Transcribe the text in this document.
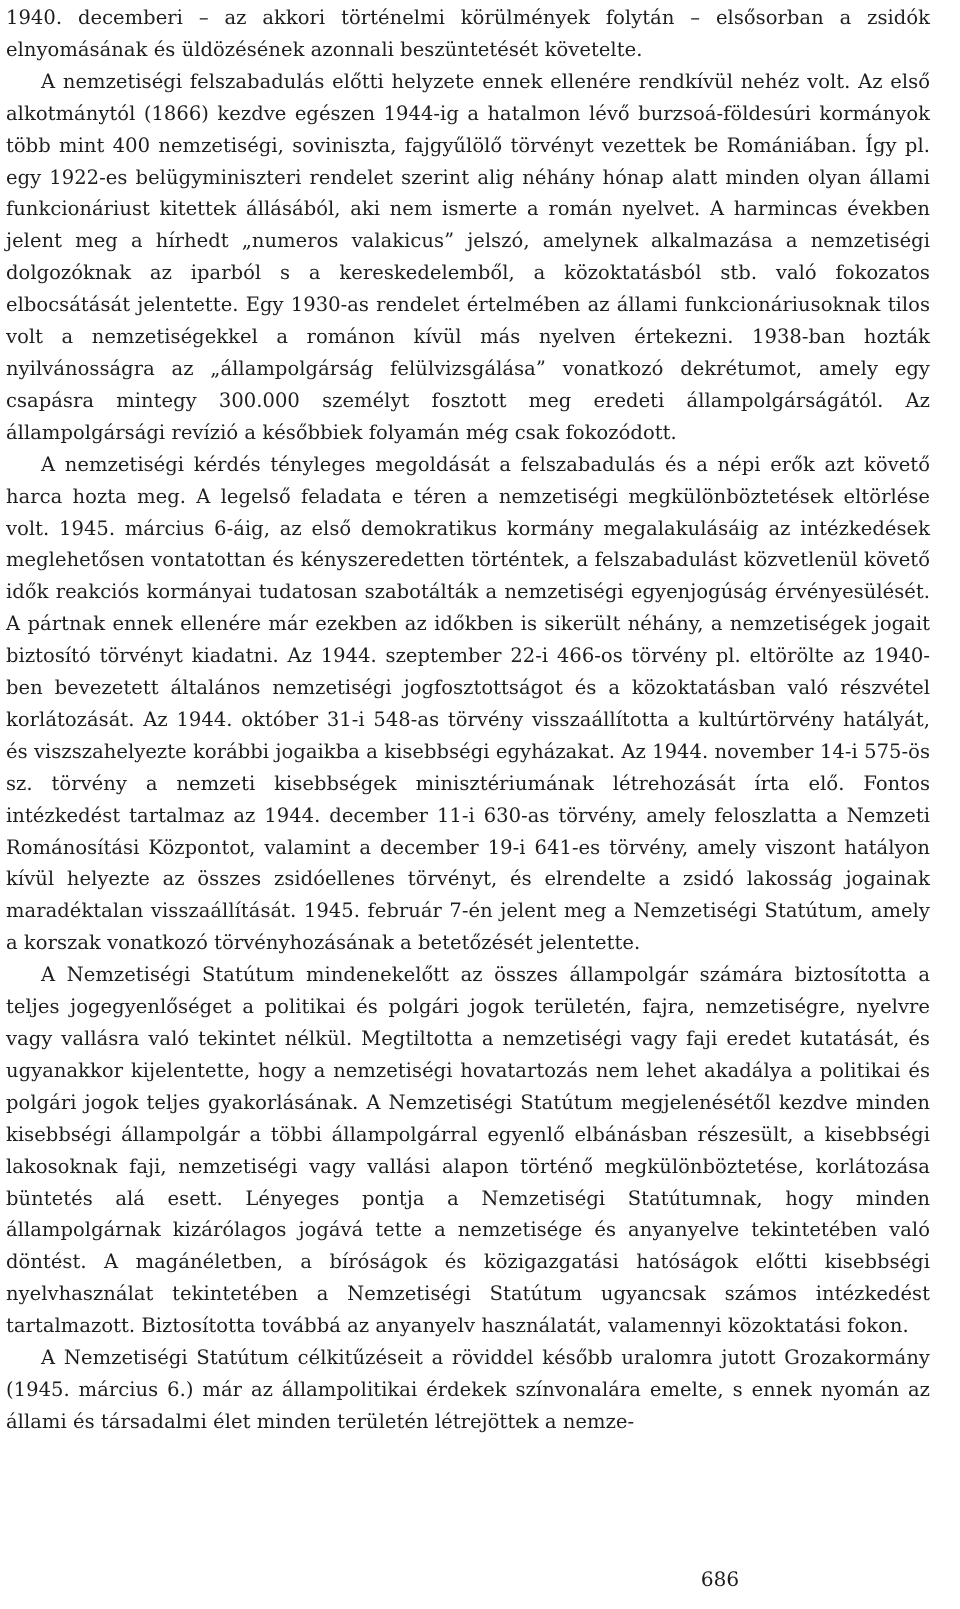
1940. decemberi – az akkori történelmi körülmények folytán – elsősorban a zsidók elnyomásának és üldözésének azonnali beszüntetését követelte.

A nemzetiségi felszabadulás előtti helyzete ennek ellenére rendkívül nehéz volt. Az első alkotmánytól (1866) kezdve egészen 1944-ig a hatalmon lévő burzsoá-földesúri kormányok több mint 400 nemzetiségi, soviniszta, fajgyűlölő törvényt vezettek be Romániában. Így pl. egy 1922-es belügyminiszteri rendelet szerint alig néhány hónap alatt minden olyan állami funkcionáriust kitettek állásából, aki nem ismerte a román nyelvet. A harmincas években jelent meg a hírhedt „numeros valakicus” jelszó, amelynek alkalmazása a nemzetiségi dolgozóknak az iparból s a kereskedelemből, a közoktatásból stb. való fokozatos elbocsátását jelentette. Egy 1930-as rendelet értelmében az állami funkcionáriusoknak tilos volt a nemzetiségekkel a románon kívül más nyelven értekezni. 1938-ban hozták nyilvánosságra az „állampolgárság felülvizsgálása” vonatkozó dekrétumot, amely egy csapásra mintegy 300.000 személyt fosztott meg eredeti állampolgárságától. Az állampolgársági revízió a későbbiek folyamán még csak fokozódott.

A nemzetiségi kérdés tényleges megoldását a felszabadulás és a népi erők azt követő harca hozta meg. A legelső feladata e téren a nemzetiségi megkülönböztetések eltörlése volt. 1945. március 6-áig, az első demokratikus kormány megalakulásáig az intézkedések meglehetősen vontatottan és kényszeredetten történtek, a felszabadulást közvetlenül követő idők reakciós kormányai tudatosan szabotálták a nemzetiségi egyenjogúság érvényesülését. A pártnak ennek ellenére már ezekben az időkben is sikerült néhány, a nemzetiségek jogait biztosító törvényt kiadatni. Az 1944. szeptember 22-i 466-os törvény pl. eltörölte az 1940-ben bevezetett általános nemzetiségi jogfosztottságot és a közoktatásban való részvétel korlátozását. Az 1944. október 31-i 548-as törvény visszaállította a kultúrtörvény hatályát, és viszszahelyezte korábbi jogaikba a kisebbségi egyházakat. Az 1944. november 14-i 575-ös sz. törvény a nemzeti kisebbségek minisztériumának létrehozását írta elő. Fontos intézkedést tartalmaz az 1944. december 11-i 630-as törvény, amely feloszlatta a Nemzeti Románosítási Központot, valamint a december 19-i 641-es törvény, amely viszont hatályon kívül helyezte az összes zsidóellenes törvényt, és elrendelte a zsidó lakosság jogainak maradéktalan visszaállítását. 1945. február 7-én jelent meg a Nemzetiségi Statútum, amely a korszak vonatkozó törvényhozásának a betetőzését jelentette.

A Nemzetiségi Statútum mindenekelőtt az összes állampolgár számára biztosította a teljes jogegyenlőséget a politikai és polgári jogok területén, fajra, nemzetiségre, nyelvre vagy vallásra való tekintet nélkül. Megtiltotta a nemzetiségi vagy faji eredet kutatását, és ugyanakkor kijelentette, hogy a nemzetiségi hovatartozás nem lehet akadálya a politikai és polgári jogok teljes gyakorlásának. A Nemzetiségi Statútum megjelenésétől kezdve minden kisebbségi állampolgár a többi állampolgárral egyenlő elbánásban részesült, a kisebbségi lakosoknak faji, nemzetiségi vagy vallási alapon történő megkülönböztetése, korlátozása büntetés alá esett. Lényeges pontja a Nemzetiségi Statútumnak, hogy minden állampolgárnak kizárólagos jogává tette a nemzetisége és anyanyelve tekintetében való döntést. A magánéletben, a bíróságok és közigazgatási hatóságok előtti kisebbségi nyelvhasználat tekintetében a Nemzetiségi Statútum ugyancsak számos intézkedést tartalmazott. Biztosította továbbá az anyanyelv használatát, valamennyi közoktatási fokon.

A Nemzetiségi Statútum célkitűzéseit a röviddel később uralomra jutott Grozakormány (1945. március 6.) már az állampolitikai érdekek színvonalára emelte, s ennek nyomán az állami és társadalmi élet minden területén létrejöttek a nemze-

686
